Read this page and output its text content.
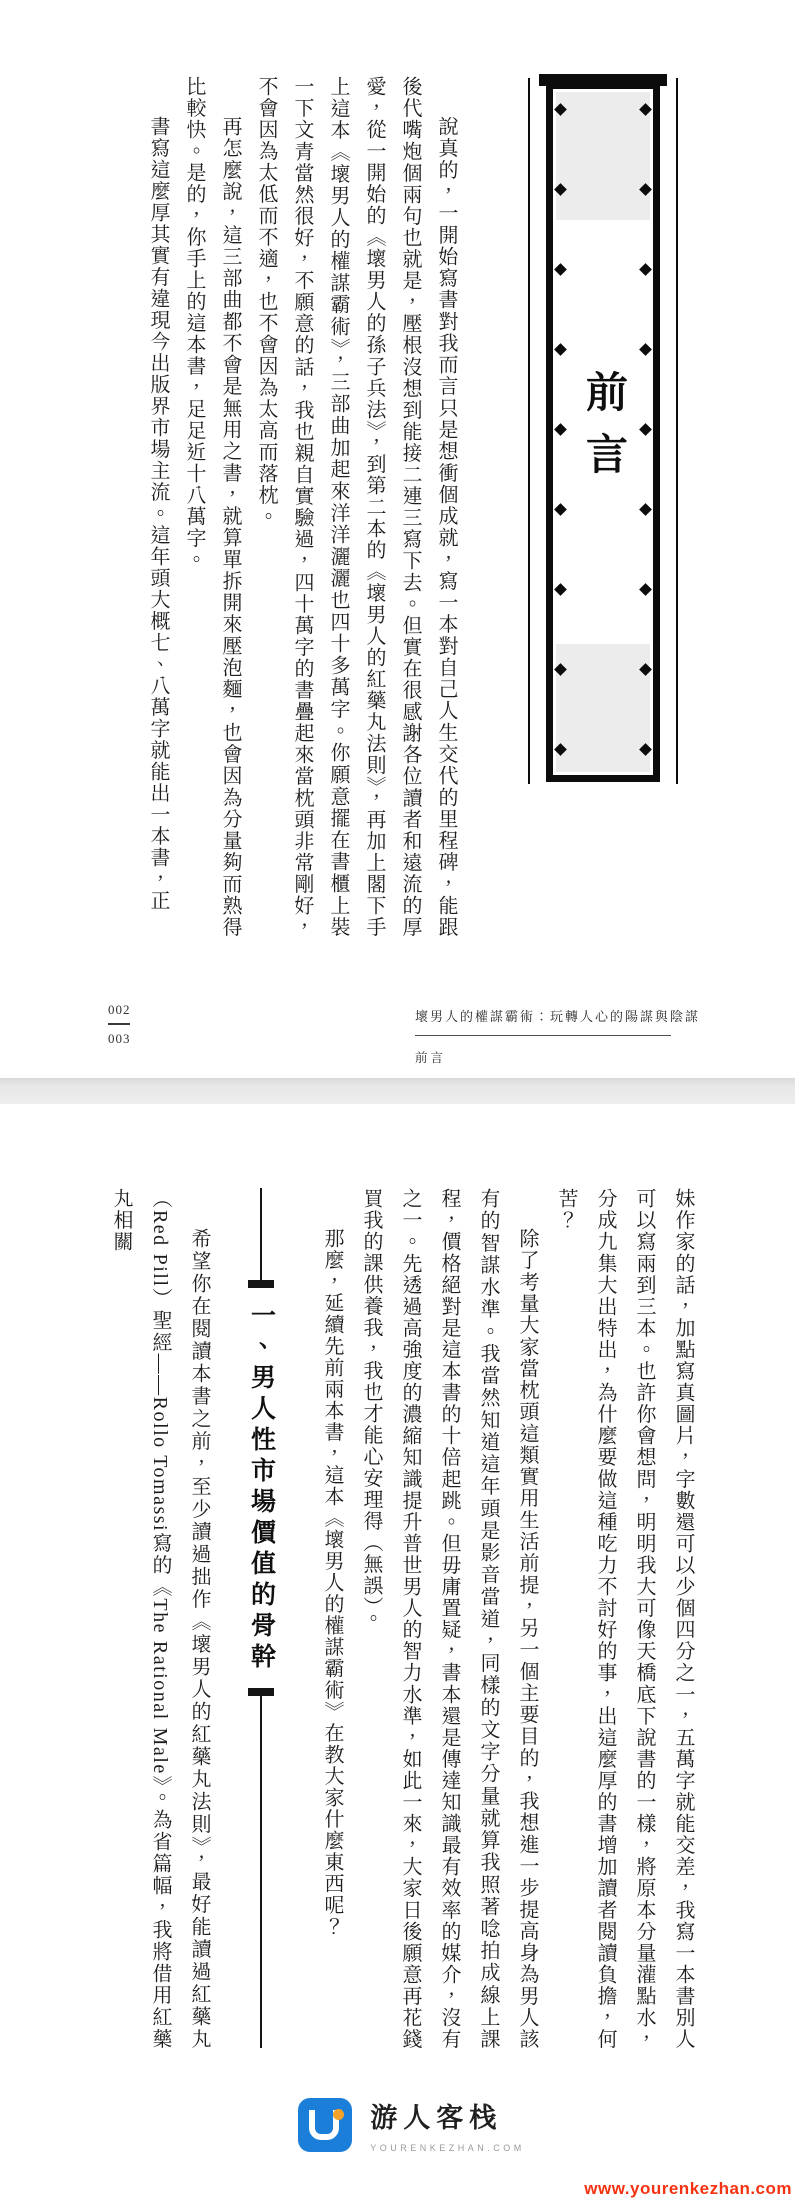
前言

說真的，一開始寫書對我而言只是想衝個成就，寫一本對自己人生交代的里程碑，能跟後代嘴炮個兩句也就是，壓根沒想到能接二連三寫下去。但實在很感謝各位讀者和遠流的厚愛，從一開始的《壞男人的孫子兵法》，到第二本的《壞男人的紅藥丸法則》，再加上閣下手上這本《壞男人的權謀霸術》，三部曲加起來洋洋灑灑也四十多萬字。你願意擺在書櫃上裝一下文青當然很好，不願意的話，我也親自實驗過，四十萬字的書疊起來當枕頭非常剛好，不會因為太低而不適，也不會因為太高而落枕。

再怎麼說，這三部曲都不會是無用之書，就算單拆開來壓泡麵，也會因為分量夠而熟得比較快。是的，你手上的這本書，足足近十八萬字。

書寫這麼厚其實有違現今出版界市場主流。這年頭大概七、八萬字就能出一本書，正

002
003
壞男人的權謀霸術：玩轉人心的陽謀與陰謀
前言

妹作家的話，加點寫真圖片，字數還可以少個四分之一，五萬字就能交差，我寫一本書別人可以寫兩到三本。也許你會想問，明明我大可像天橋底下說書的一樣，將原本分量灌點水，分成九集大出特出，為什麼要做這種吃力不討好的事，出這麼厚的書增加讀者閱讀負擔，何苦？

除了考量大家當枕頭這類實用生活前提，另一個主要目的，我想進一步提高身為男人該有的智謀水準。我當然知道這年頭是影音當道，同樣的文字分量就算我照著唸拍成線上課程，價格絕對是這本書的十倍起跳。但毋庸置疑，書本還是傳達知識最有效率的媒介，沒有之一。先透過高強度的濃縮知識提升普世男人的智力水準，如此一來，大家日後願意再花錢買我的課供養我，我也才能心安理得（無誤）。

那麼，延續先前兩本書，這本《壞男人的權謀霸術》在教大家什麼東西呢？

一、男人性市場價值的骨幹

希望你在閱讀本書之前，至少讀過拙作《壞男人的紅藥丸法則》，最好能讀過紅藥丸（Red Pill）聖經——Rollo Tomassi寫的《The Rational Male》。為省篇幅，我將借用紅藥丸相關

游人客栈
YOURENKEZHAN.COM
www.yourenkezhan.com
